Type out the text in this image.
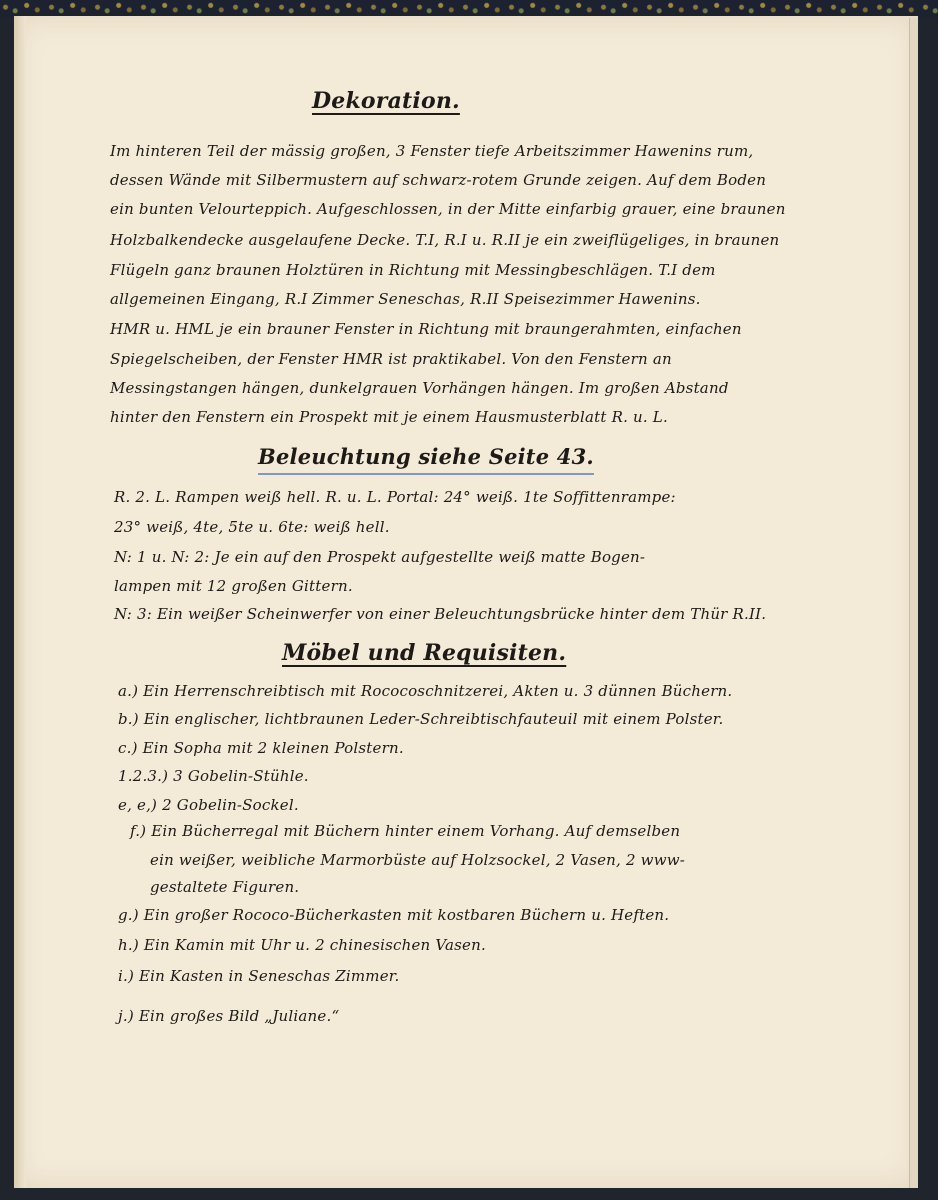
Dekoration.
Im hinteren Teil der mässig großen, 3 Fenster tiefe Arbeitszimmer Hawenins rum,
dessen Wände mit Silbermustern auf schwarz-rotem Grunde zeigen. Auf dem Boden
ein bunten Velourteppich. Aufgeschlossen, in der Mitte einfarbig grauer, eine braunen
Holzbalkendecke ausgelaufene Decke. T.I, R.I u. R.II je ein zweiflügeliges, in braunen
Flügeln ganz braunen Holztüren in Richtung mit Messingbeschlägen. T.I dem
allgemeinen Eingang, R.I Zimmer Seneschas, R.II Speisezimmer Hawenins.
HMR u. HML je ein brauner Fenster in Richtung mit braungerahmten, einfachen
Spiegelscheiben, der Fenster HMR ist praktikabel. Von den Fenstern an
Messingstangen hängen, dunkelgrauen Vorhängen hängen. Im großen Abstand
hinter den Fenstern ein Prospekt mit je einem Hausmusterblatt R. u. L.
Beleuchtung siehe Seite 43.
R. 2. L. Rampen weiß hell. R. u. L. Portal: 24° weiß. 1te Soffittenrampe:
23° weiß, 4te, 5te u. 6te: weiß hell.
N: 1 u. N: 2: Je ein auf den Prospekt aufgestellte weiß matte Bogen-
lampen mit 12 großen Gittern.
N: 3: Ein weißer Scheinwerfer von einer Beleuchtungsbrücke hinter dem Thür R.II.
Möbel und Requisiten.
a.) Ein Herrenschreibtisch mit Rococoschnitzerei, Akten u. 3 dünnen Büchern.
b.) Ein englischer, lichtbraunen Leder-Schreibtischfauteuil mit einem Polster.
c.) Ein Sopha mit 2 kleinen Polstern.
1.2.3.) 3 Gobelin-Stühle.
e, e,) 2 Gobelin-Sockel.
f.) Ein Bücherregal mit Büchern hinter einem Vorhang. Auf demselben
ein weißer, weibliche Marmorbüste auf Holzsockel, 2 Vasen, 2 www-
gestaltete Figuren.
g.) Ein großer Rococo-Bücherkasten mit kostbaren Büchern u. Heften.
h.) Ein Kamin mit Uhr u. 2 chinesischen Vasen.
i.) Ein Kasten in Seneschas Zimmer.
j.) Ein großes Bild „Juliane.“
